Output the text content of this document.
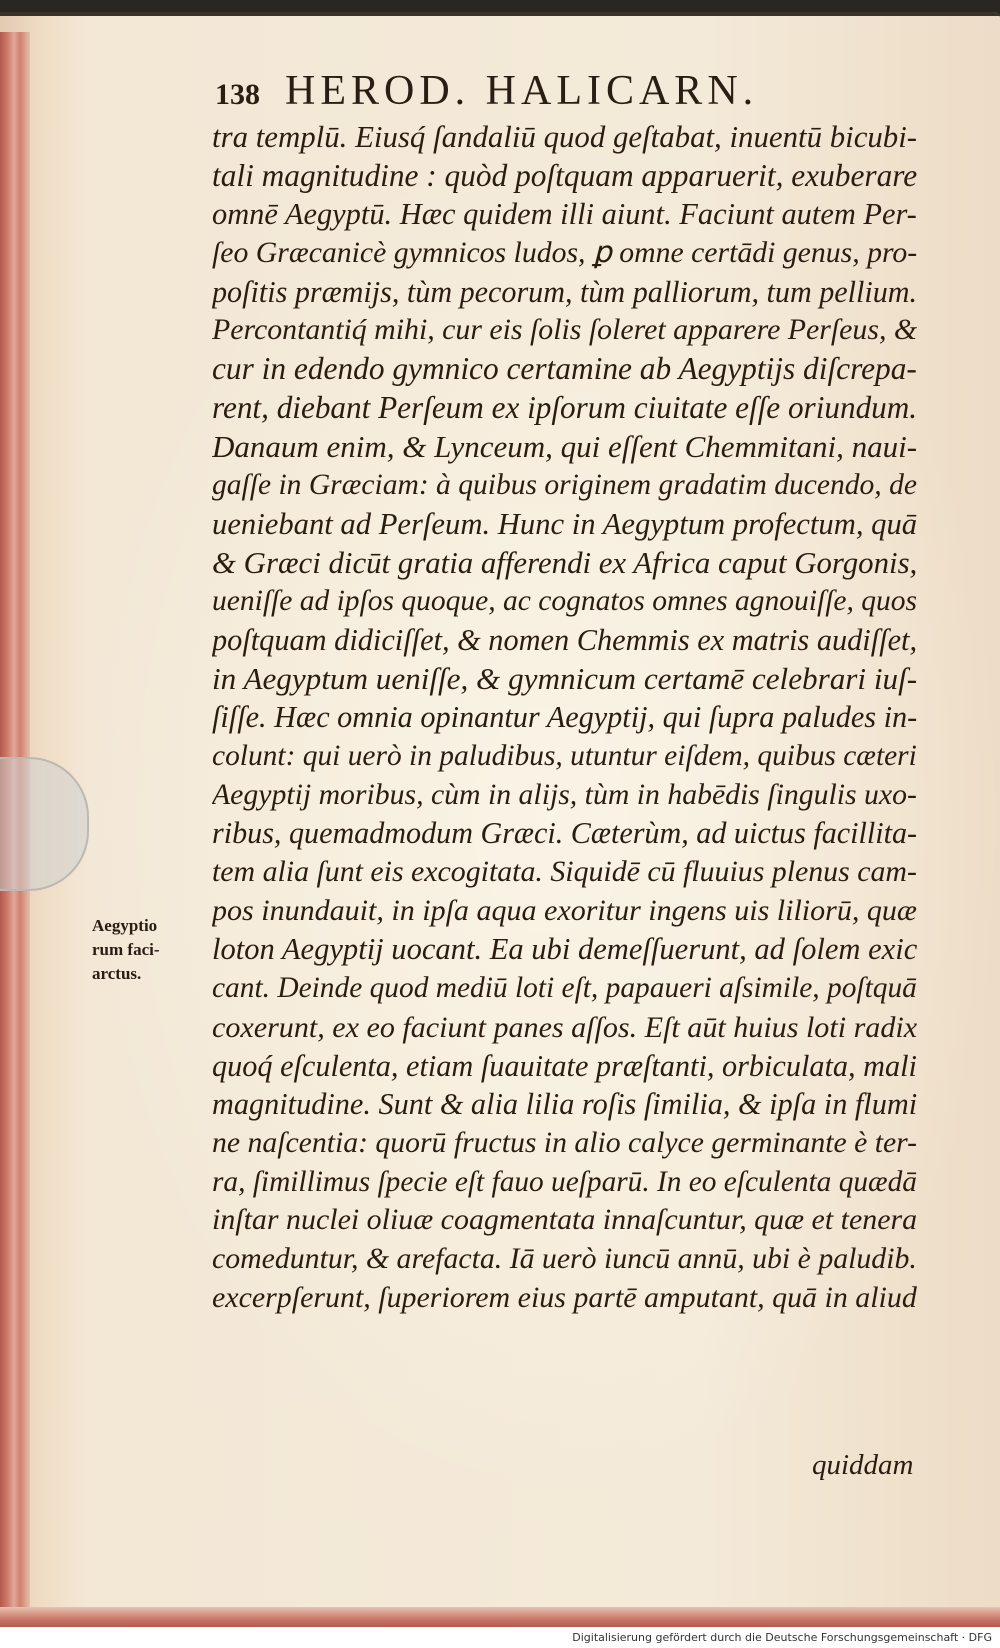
138 HEROD. HALICARN.
tra templū. Eiusq́ ſandaliū quod geſtabat, inuentū bicubi-
tali magnitudine : quòd poſtquam apparuerit, exuberare
omnē Aegyptū. Hæc quidem illi aiunt. Faciunt autem Per-
ſeo Græcanicè gymnicos ludos, ꝑ omne certādi genus, pro-
poſitis præmijs, tùm pecorum, tùm palliorum, tum pellium.
Percontantiq́ mihi, cur eis ſolis ſoleret apparere Perſeus, &
cur in edendo gymnico certamine ab Aegyptijs diſcrepa-
rent, diebant Perſeum ex ipſorum ciuitate eſſe oriundum.
Danaum enim, & Lynceum, qui eſſent Chemmitani, naui-
gaſſe in Græciam: à quibus originem gradatim ducendo, de
ueniebant ad Perſeum. Hunc in Aegyptum profectum, quā
& Græci dicūt gratia afferendi ex Africa caput Gorgonis,
ueniſſe ad ipſos quoque, ac cognatos omnes agnouiſſe, quos
poſtquam didiciſſet, & nomen Chemmis ex matris audiſſet,
in Aegyptum ueniſſe, & gymnicum certamē celebrari iuſ-
ſiſſe. Hæc omnia opinantur Aegyptij, qui ſupra paludes in-
colunt: qui uerò in paludibus, utuntur eiſdem, quibus cæteri
Aegyptij moribus, cùm in alijs, tùm in habēdis ſingulis uxo-
ribus, quemadmodum Græci. Cæterùm, ad uictus facillita-
tem alia ſunt eis excogitata. Siquidē cū fluuius plenus cam-
pos inundauit, in ipſa aqua exoritur ingens uis liliorū, quæ
loton Aegyptij uocant. Ea ubi demeſſuerunt, ad ſolem exic
cant. Deinde quod mediū loti eſt, papaueri aſsimile, poſtquā
coxerunt, ex eo faciunt panes aſſos. Eſt aūt huius loti radix
quoq́ eſculenta, etiam ſuauitate præſtanti, orbiculata, mali
magnitudine. Sunt & alia lilia roſis ſimilia, & ipſa in flumi
ne naſcentia: quorū fructus in alio calyce germinante è ter-
ra, ſimillimus ſpecie eſt fauo ueſparū. In eo eſculenta quædā
inſtar nuclei oliuæ coagmentata innaſcuntur, quæ et tenera
comeduntur, & arefacta. Iā uerò iuncū annū, ubi è paludib.
excerpſerunt, ſuperiorem eius partē amputant, quā in aliud
Aegyptio
rum faci-
arctus.
quiddam
Digitalisierung gefördert durch die Deutsche Forschungsgemeinschaft · DFG
